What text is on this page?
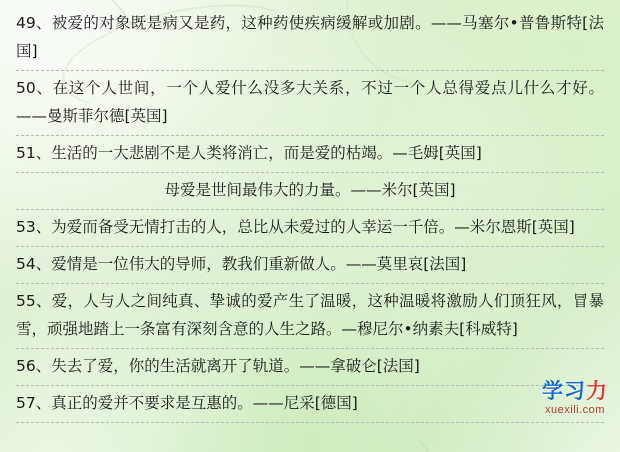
49、被爱的对象既是病又是药，这种药使疾病缓解或加剧。——马塞尔•普鲁斯特[法国]
50、在这个人世间，一个人爱什么没多大关系，不过一个人总得爱点儿什么才好。——曼斯菲尔德[英国]
51、生活的一大悲剧不是人类将消亡，而是爱的枯竭。—毛姆[英国]
母爱是世间最伟大的力量。——米尔[英国]
53、为爱而备受无情打击的人，总比从未爱过的人幸运一千倍。—米尔恩斯[英国]
54、爱情是一位伟大的导师，教我们重新做人。——莫里哀[法国]
55、爱，人与人之间纯真、挚诚的爱产生了温暖，这种温暖将激励人们顶狂风，冒暴雪，顽强地踏上一条富有深刻含意的人生之路。—穆尼尔•纳素夫[科威特]
56、失去了爱，你的生活就离开了轨道。——拿破仑[法国]
57、真正的爱并不要求是互惠的。——尼采[德国]	学习力
xuexili.com
